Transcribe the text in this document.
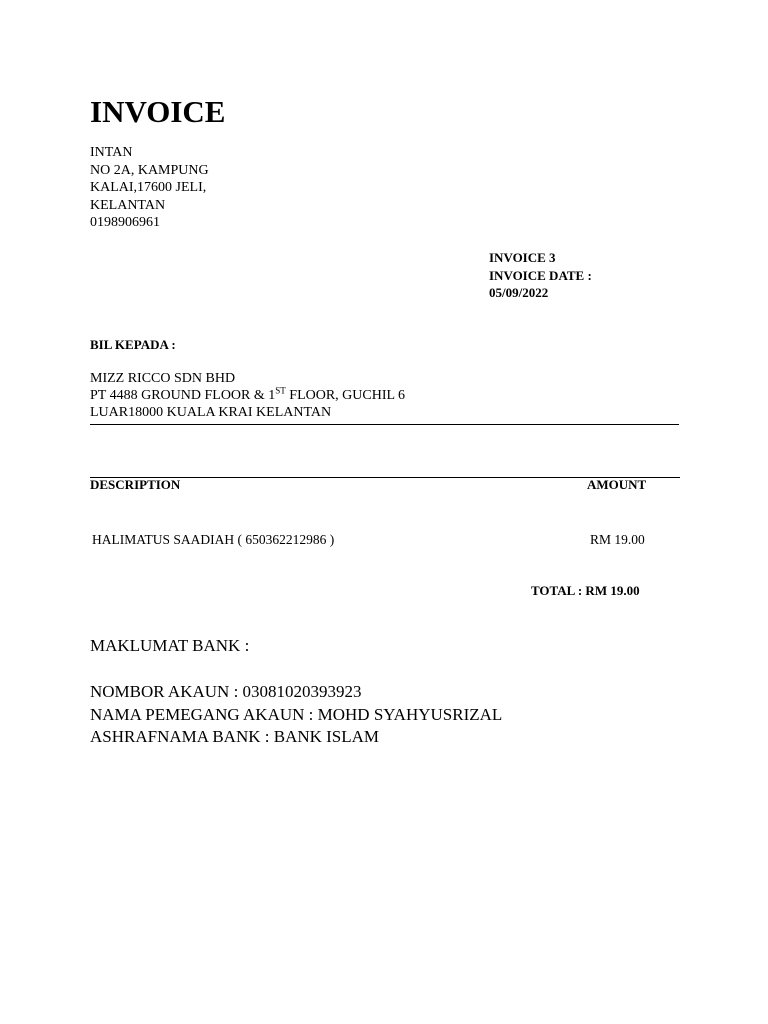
INVOICE
INTAN
NO 2A, KAMPUNG
KALAI,17600 JELI,
KELANTAN
0198906961
INVOICE 3
INVOICE DATE :
05/09/2022
BIL KEPADA :
MIZZ RICCO SDN BHD
PT 4488 GROUND FLOOR & 1ST FLOOR, GUCHIL 6
LUAR18000 KUALA KRAI KELANTAN
DESCRIPTION	AMOUNT
HALIMATUS SAADIAH ( 650362212986 )	RM 19.00
TOTAL : RM 19.00
MAKLUMAT BANK :
NOMBOR AKAUN : 03081020393923
NAMA PEMEGANG AKAUN : MOHD SYAHYUSRIZAL
ASHRAFNAMA BANK : BANK ISLAM
